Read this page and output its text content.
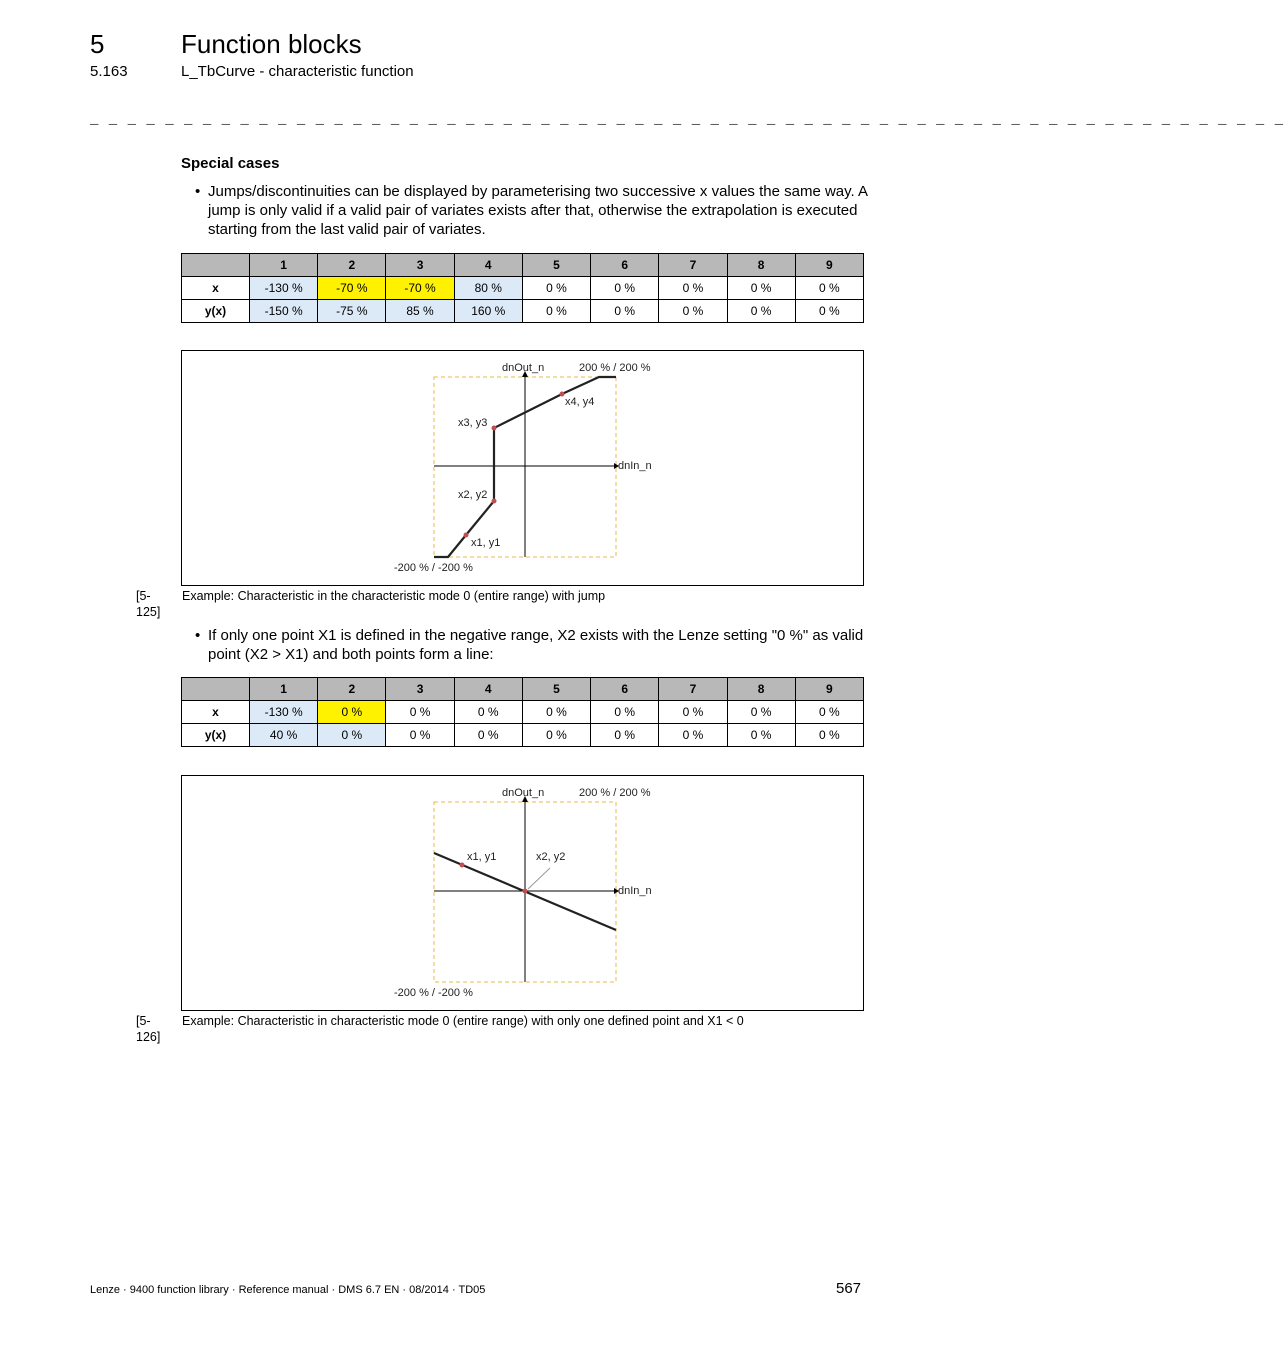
5	Function blocks
5.163	L_TbCurve - characteristic function
_ _ _ _ _ _ _ _ _ _ _ _ _ _ _ _ _ _ _ _ _ _ _ _ _ _ _ _ _ _ _ _ _ _ _ _ _ _ _ _ _ _ _ _ _ _ _ _ _ _ _ _ _ _ _ _ _ _ _ _ _ _ _ _
Special cases
• Jumps/discontinuities can be displayed by parameterising two successive x values the same way. A jump is only valid if a valid pair of variates exists after that, otherwise the extrapolation is executed starting from the last valid pair of variates.
	1	2	3	4	5	6	7	8	9
x	-130 %	-70 %	-70 %	80 %	0 %	0 %	0 %	0 %	0 %
y(x)	-150 %	-75 %	85 %	160 %	0 %	0 %	0 %	0 %	0 %
dnOut_n	200 % / 200 %
dnIn_n
-200 % / -200 %
x1, y1
x2, y2
x3, y3
x4, y4
[5-125]
Example: Characteristic in the characteristic mode 0 (entire range) with jump
• If only one point X1 is defined in the negative range, X2 exists with the Lenze setting "0 %" as valid point (X2 > X1) and both points form a line:
	1	2	3	4	5	6	7	8	9
x	-130 %	0 %	0 %	0 %	0 %	0 %	0 %	0 %	0 %
y(x)	40 %	0 %	0 %	0 %	0 %	0 %	0 %	0 %	0 %
dnOut_n	200 % / 200 %
dnIn_n
-200 % / -200 %
x1, y1	x2, y2
[5-126]
Example: Characteristic in characteristic mode 0 (entire range) with only one defined point and X1 < 0
Lenze · 9400 function library · Reference manual · DMS 6.7 EN · 08/2014 · TD05	567
